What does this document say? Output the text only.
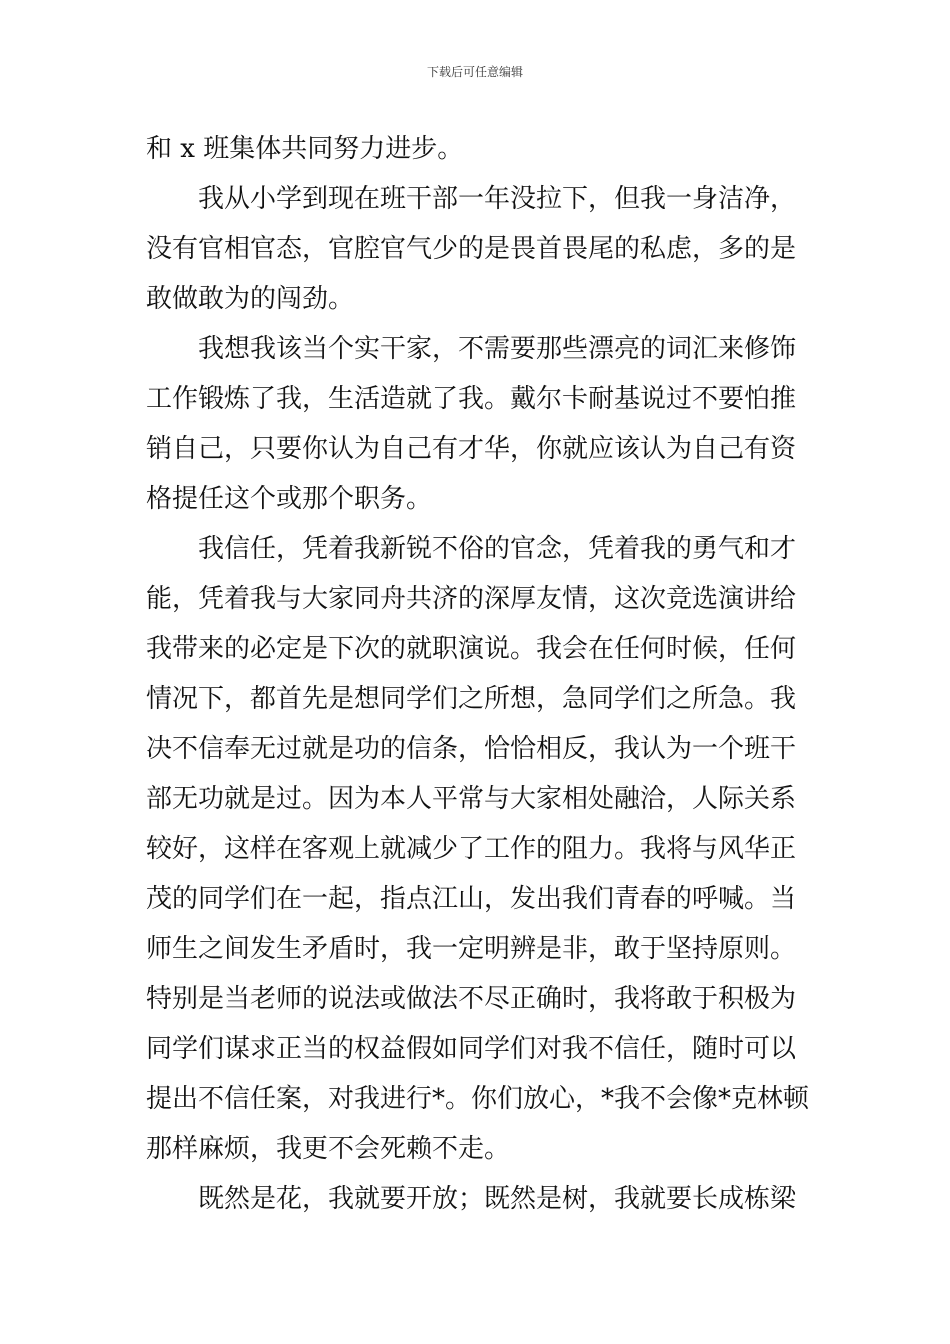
下载后可任意编辑
和 x 班集体共同努力进步。
我从小学到现在班干部一年没拉下，但我一身洁净，
没有官相官态，官腔官气少的是畏首畏尾的私虑，多的是
敢做敢为的闯劲。
我想我该当个实干家，不需要那些漂亮的词汇来修饰
工作锻炼了我，生活造就了我。戴尔卡耐基说过不要怕推
销自己，只要你认为自己有才华，你就应该认为自己有资
格提任这个或那个职务。
我信任，凭着我新锐不俗的官念，凭着我的勇气和才
能，凭着我与大家同舟共济的深厚友情，这次竞选演讲给
我带来的必定是下次的就职演说。我会在任何时候，任何
情况下，都首先是想同学们之所想，急同学们之所急。我
决不信奉无过就是功的信条，恰恰相反，我认为一个班干
部无功就是过。因为本人平常与大家相处融洽，人际关系
较好，这样在客观上就减少了工作的阻力。我将与风华正
茂的同学们在一起，指点江山，发出我们青春的呼喊。当
师生之间发生矛盾时，我一定明辨是非，敢于坚持原则。
特别是当老师的说法或做法不尽正确时，我将敢于积极为
同学们谋求正当的权益假如同学们对我不信任，随时可以
提出不信任案，对我进行*。你们放心，*我不会像*克林顿
那样麻烦，我更不会死赖不走。
既然是花，我就要开放；既然是树，我就要长成栋梁
